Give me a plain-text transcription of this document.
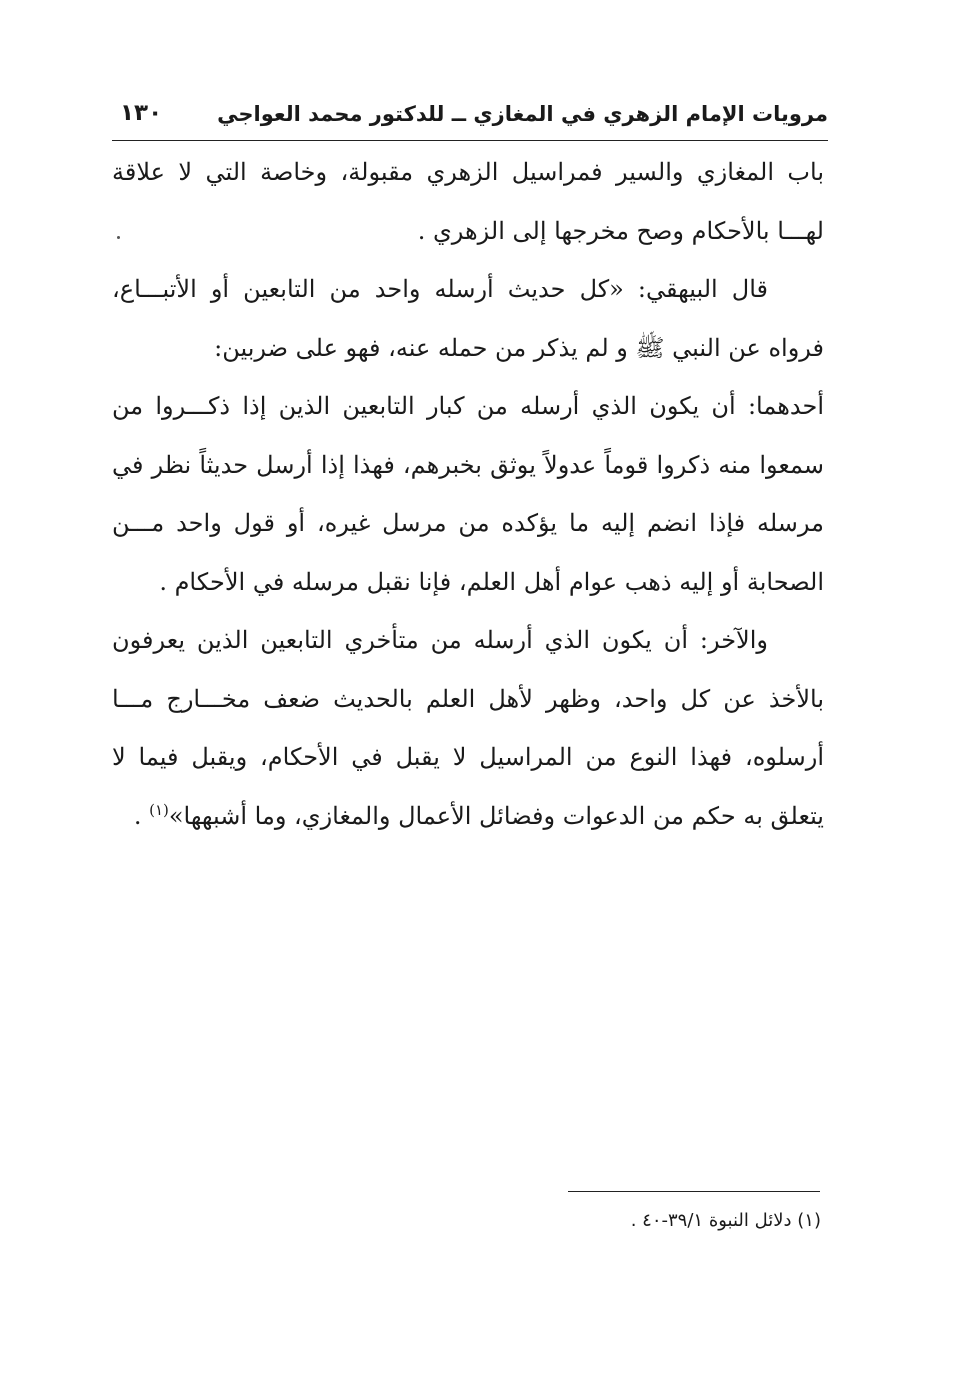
مرويات الإمام الزهري في المغازي ــ للدكتور محمد العواجي
١٣٠

باب المغازي والسير فمراسيل الزهري مقبولة، وخاصة التي لا علاقة لهـــا بالأحكام وصح مخرجها إلى الزهري .

قال البيهقي: «كل حديث أرسله واحد من التابعين أو الأتبـــاع، فرواه عن النبي ﷺ و لم يذكر من حمله عنه، فهو على ضربين:

أحدهما: أن يكون الذي أرسله من كبار التابعين الذين إذا ذكـــروا من سمعوا منه ذكروا قوماً عدولاً يوثق بخبرهم، فهذا إذا أرسل حديثاً نظر في مرسله فإذا انضم إليه ما يؤكده من مرسل غيره، أو قول واحد مـــن الصحابة أو إليه ذهب عوام أهل العلم، فإنا نقبل مرسله في الأحكام .

والآخر: أن يكون الذي أرسله من متأخري التابعين الذين يعرفون بالأخذ عن كل واحد، وظهر لأهل العلم بالحديث ضعف مخـــارج مـــا أرسلوه، فهذا النوع من المراسيل لا يقبل في الأحكام، ويقبل فيما لا يتعلق به حكم من الدعوات وفضائل الأعمال والمغازي، وما أشبهها»$^{(١)}$ .

(١) دلائل النبوة ٣٩/١-٤٠ .
